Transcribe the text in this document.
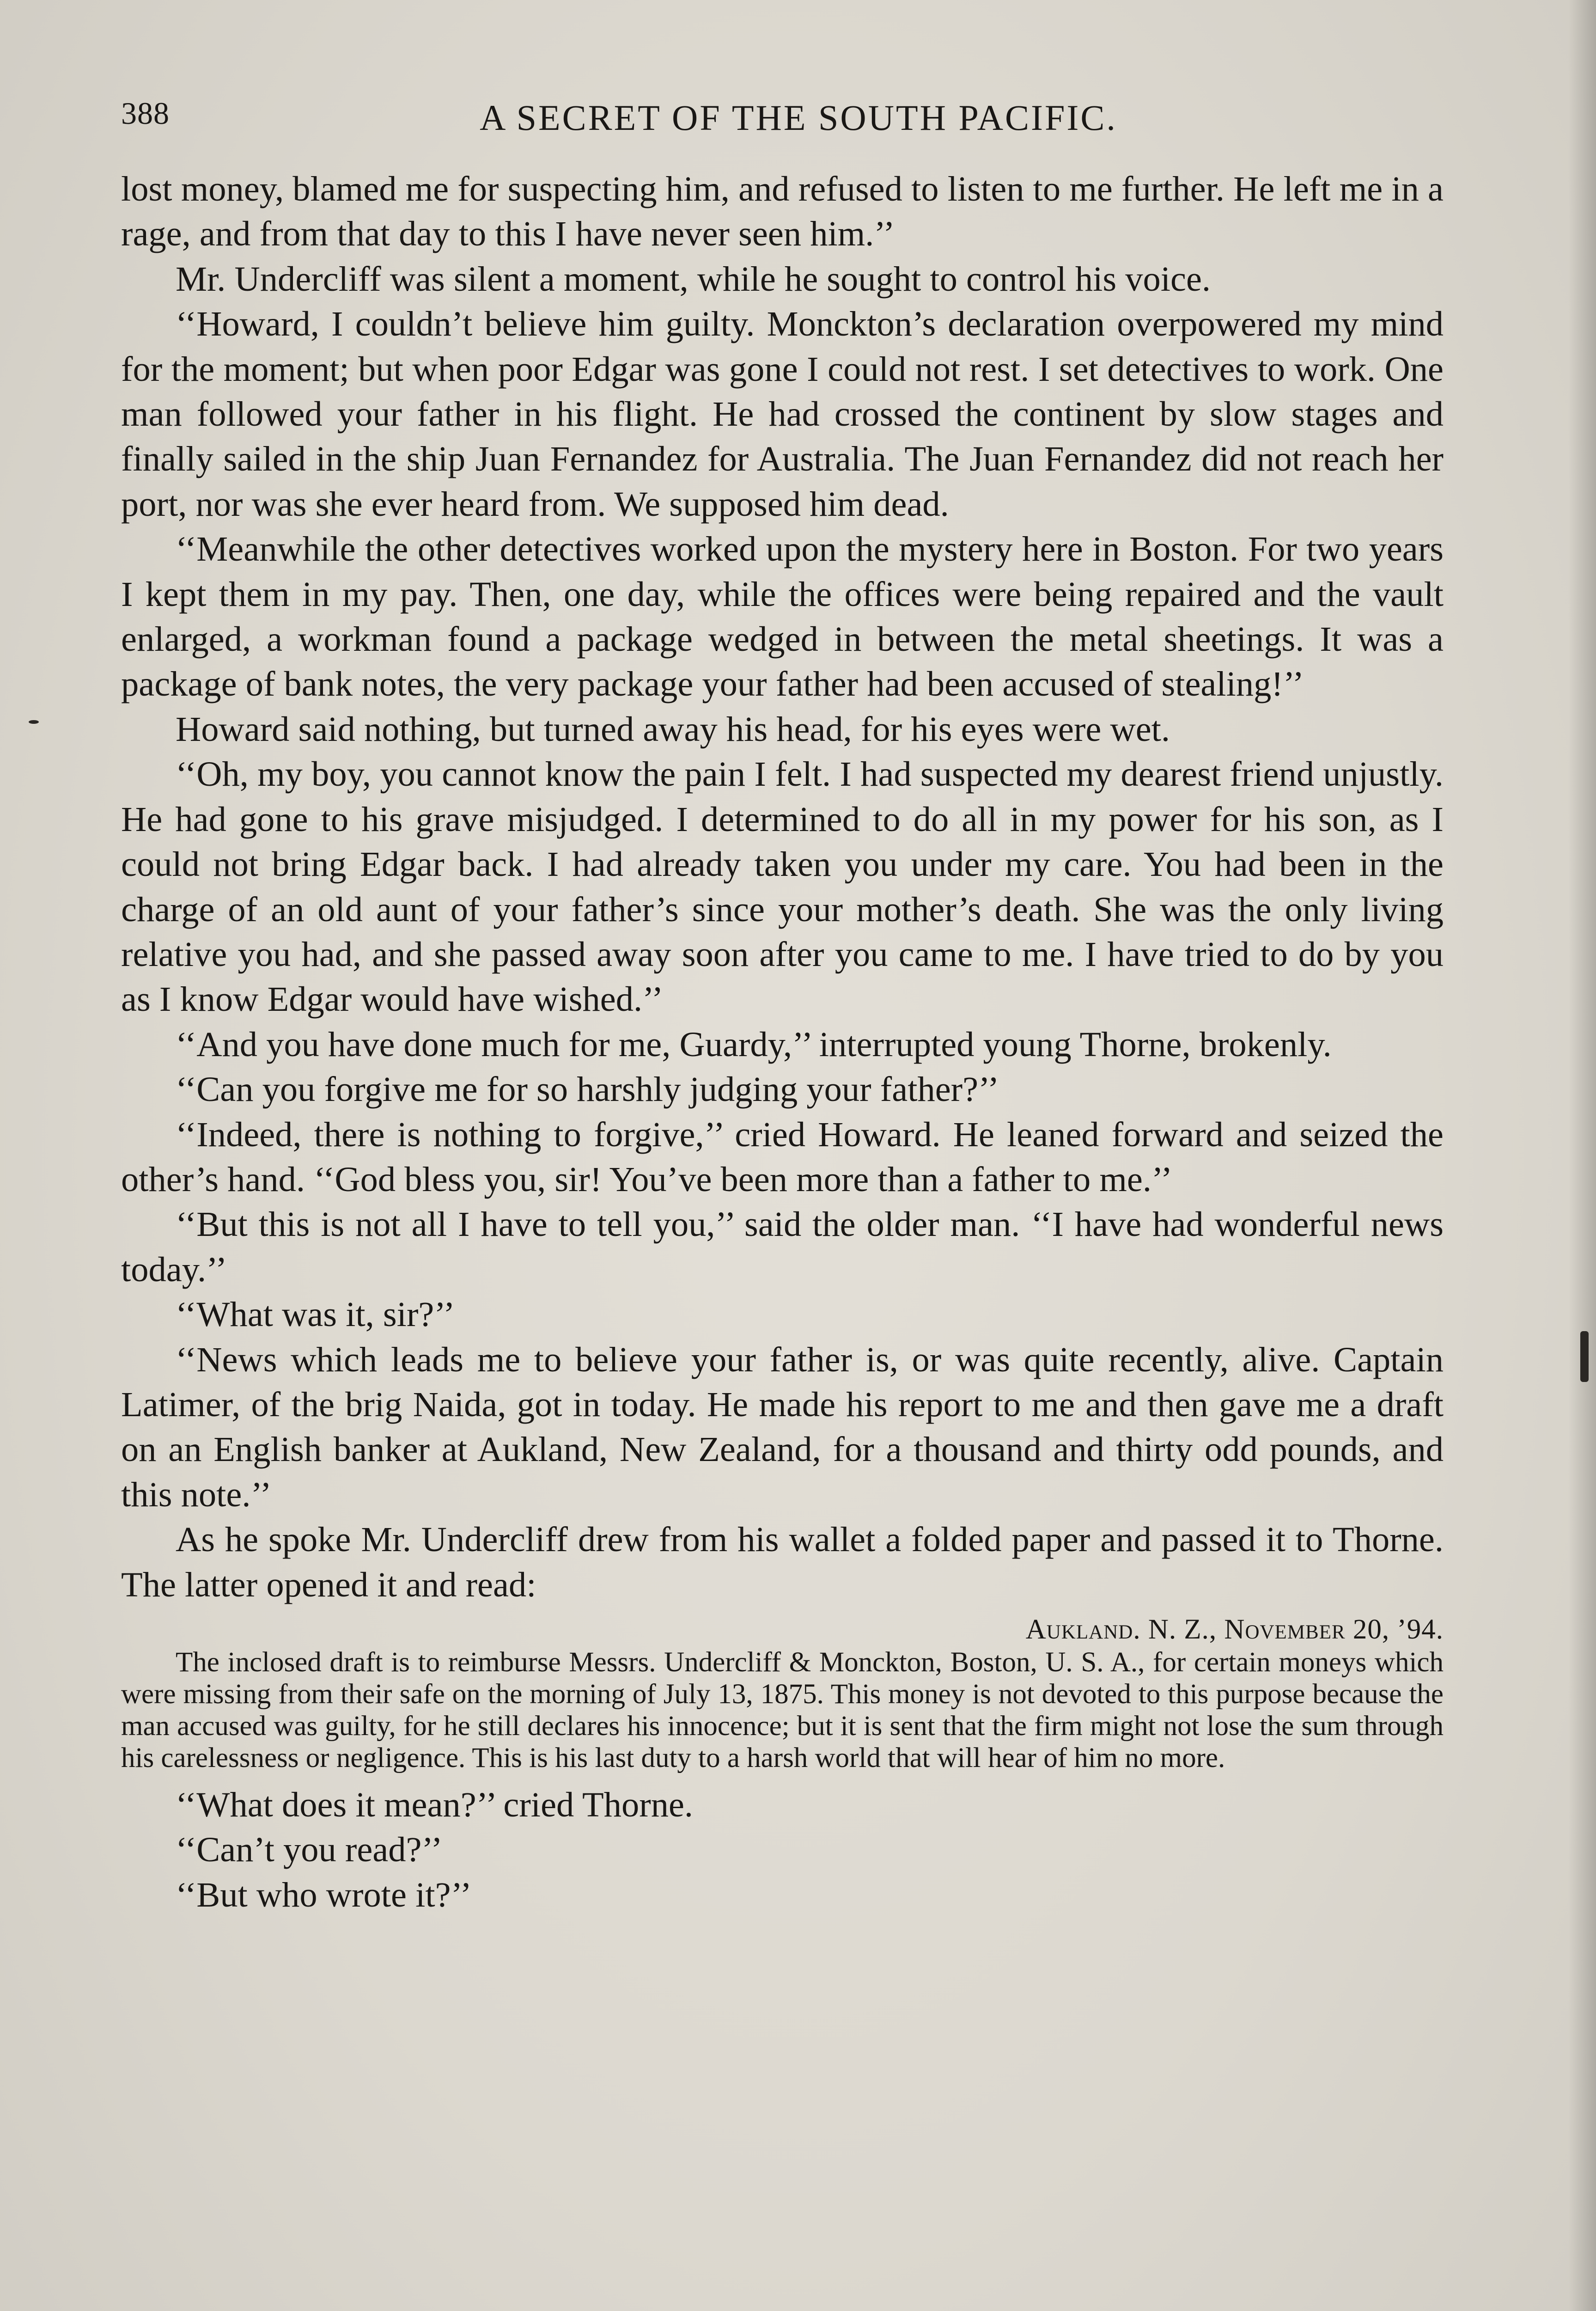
388	A SECRET OF THE SOUTH PACIFIC.

lost money, blamed me for suspecting him, and refused to listen to me further. He left me in a rage, and from that day to this I have never seen him.’’

Mr. Undercliff was silent a moment, while he sought to control his voice.

‘‘Howard, I couldn’t believe him guilty. Monckton’s declaration overpowered my mind for the moment; but when poor Edgar was gone I could not rest. I set detectives to work. One man followed your father in his flight. He had crossed the continent by slow stages and finally sailed in the ship Juan Fernandez for Australia. The Juan Fernandez did not reach her port, nor was she ever heard from. We supposed him dead.

‘‘Meanwhile the other detectives worked upon the mystery here in Boston. For two years I kept them in my pay. Then, one day, while the offices were being repaired and the vault enlarged, a workman found a package wedged in between the metal sheetings. It was a package of bank notes, the very package your father had been accused of stealing!’’

Howard said nothing, but turned away his head, for his eyes were wet.

‘‘Oh, my boy, you cannot know the pain I felt. I had suspected my dearest friend unjustly. He had gone to his grave misjudged. I determined to do all in my power for his son, as I could not bring Edgar back. I had already taken you under my care. You had been in the charge of an old aunt of your father’s since your mother’s death. She was the only living relative you had, and she passed away soon after you came to me. I have tried to do by you as I know Edgar would have wished.’’

‘‘And you have done much for me, Guardy,’’ interrupted young Thorne, brokenly.

‘‘Can you forgive me for so harshly judging your father?’’

‘‘Indeed, there is nothing to forgive,’’ cried Howard. He leaned forward and seized the other’s hand. ‘‘God bless you, sir! You’ve been more than a father to me.’’

‘‘But this is not all I have to tell you,’’ said the older man. ‘‘I have had wonderful news today.’’

‘‘What was it, sir?’’

‘‘News which leads me to believe your father is, or was quite recently, alive. Captain Latimer, of the brig Naida, got in today. He made his report to me and then gave me a draft on an English banker at Aukland, New Zealand, for a thousand and thirty odd pounds, and this note.’’

As he spoke Mr. Undercliff drew from his wallet a folded paper and passed it to Thorne. The latter opened it and read:

Aukland. N. Z., November 20, ’94.
The inclosed draft is to reimburse Messrs. Undercliff & Monckton, Boston, U. S. A., for certain moneys which were missing from their safe on the morning of July 13, 1875. This money is not devoted to this purpose because the man accused was guilty, for he still declares his innocence; but it is sent that the firm might not lose the sum through his carelessness or negligence. This is his last duty to a harsh world that will hear of him no more.

‘‘What does it mean?’’ cried Thorne.

‘‘Can’t you read?’’

‘‘But who wrote it?’’
